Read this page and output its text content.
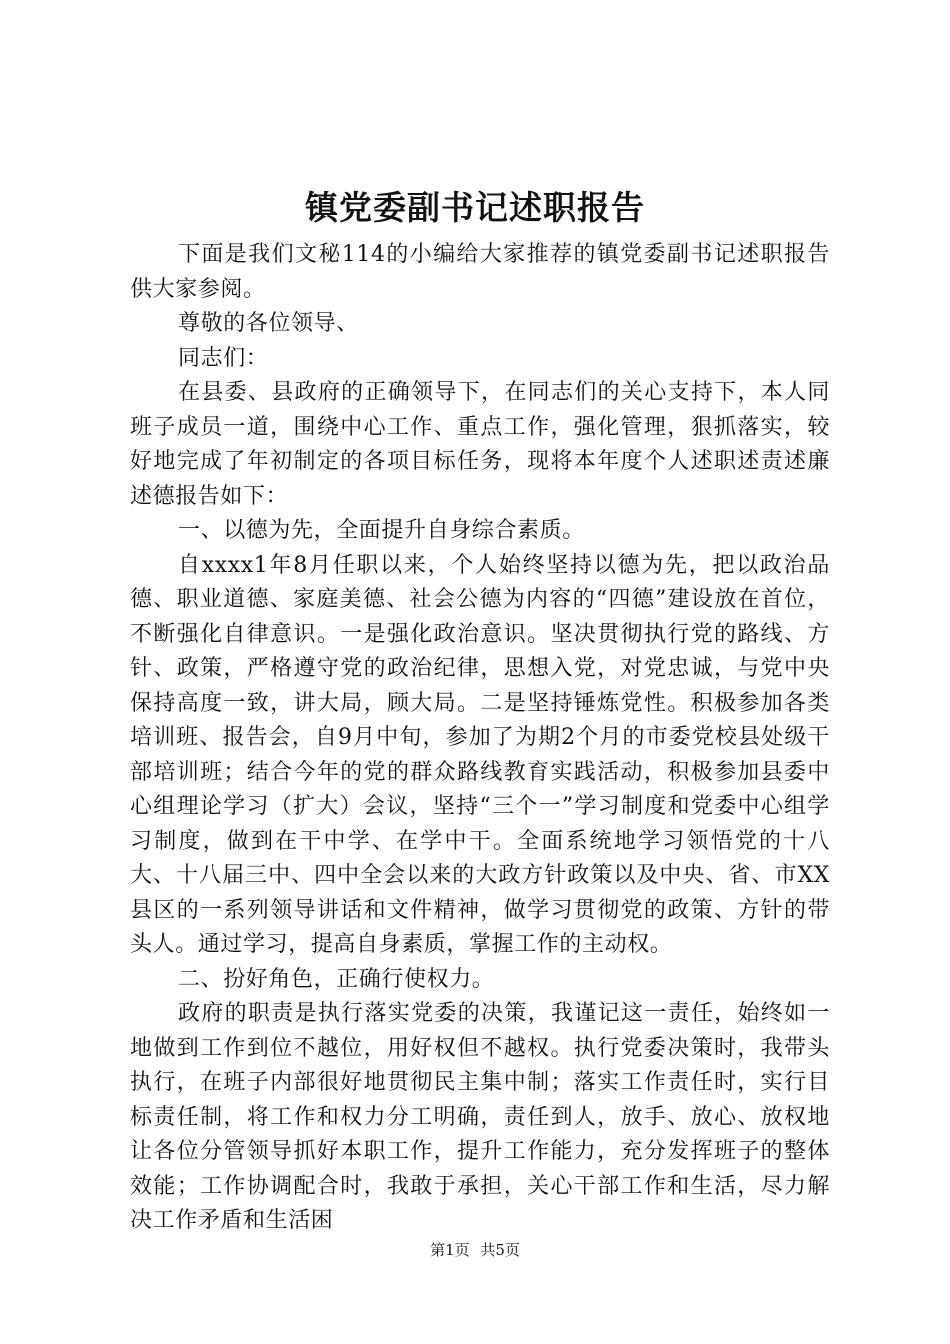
镇党委副书记述职报告

下面是我们文秘114的小编给大家推荐的镇党委副书记述职报告供大家参阅。

尊敬的各位领导、

同志们：

在县委、县政府的正确领导下，在同志们的关心支持下，本人同班子成员一道，围绕中心工作、重点工作，强化管理，狠抓落实，较好地完成了年初制定的各项目标任务，现将本年度个人述职述责述廉述德报告如下：

一、以德为先，全面提升自身综合素质。

自xxxx1年8月任职以来，个人始终坚持以德为先，把以政治品德、职业道德、家庭美德、社会公德为内容的“四德”建设放在首位，不断强化自律意识。一是强化政治意识。坚决贯彻执行党的路线、方针、政策，严格遵守党的政治纪律，思想入党，对党忠诚，与党中央保持高度一致，讲大局，顾大局。二是坚持锤炼党性。积极参加各类培训班、报告会，自9月中旬，参加了为期2个月的市委党校县处级干部培训班；结合今年的党的群众路线教育实践活动，积极参加县委中心组理论学习（扩大）会议，坚持“三个一”学习制度和党委中心组学习制度，做到在干中学、在学中干。全面系统地学习领悟党的十八大、十八届三中、四中全会以来的大政方针政策以及中央、省、市XX县区的一系列领导讲话和文件精神，做学习贯彻党的政策、方针的带头人。通过学习，提高自身素质，掌握工作的主动权。

二、扮好角色，正确行使权力。

政府的职责是执行落实党委的决策，我谨记这一责任，始终如一地做到工作到位不越位，用好权但不越权。执行党委决策时，我带头执行，在班子内部很好地贯彻民主集中制；落实工作责任时，实行目标责任制，将工作和权力分工明确，责任到人，放手、放心、放权地让各位分管领导抓好本职工作，提升工作能力，充分发挥班子的整体效能；工作协调配合时，我敢于承担，关心干部工作和生活，尽力解决工作矛盾和生活困

第1页 共5页
